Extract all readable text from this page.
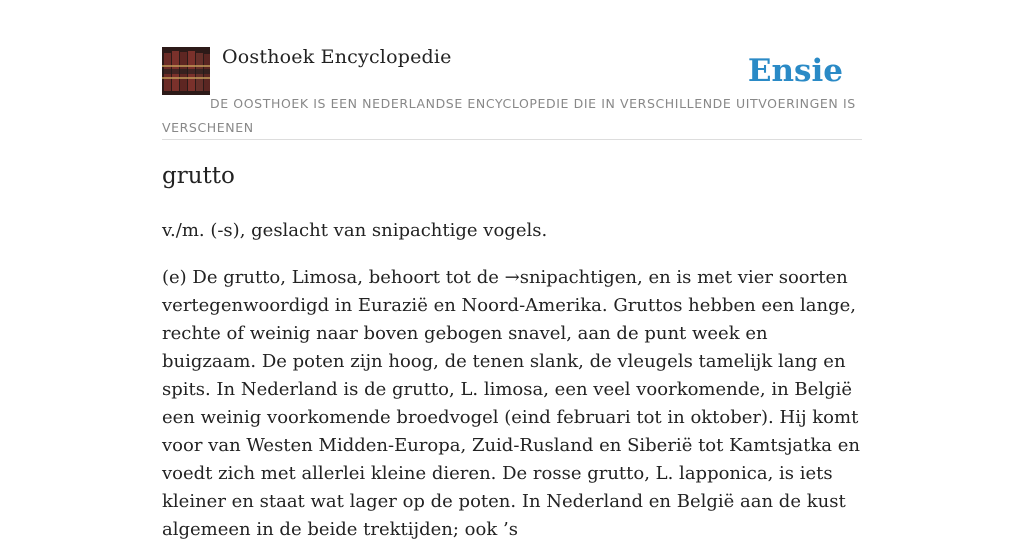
Oosthoek Encyclopedie	Ensie
DE OOSTHOEK IS EEN NEDERLANDSE ENCYCLOPEDIE DIE IN VERSCHILLENDE UITVOERINGEN IS VERSCHENEN
grutto

v./m. (-s), geslacht van snipachtige vogels.

(e) De grutto, Limosa, behoort tot de →snipachtigen, en is met vier soorten vertegenwoordigd in Eurazië en Noord-Amerika. Gruttos hebben een lange, rechte of weinig naar boven gebogen snavel, aan de punt week en buigzaam. De poten zijn hoog, de tenen slank, de vleugels tamelijk lang en spits. In Nederland is de grutto, L. limosa, een veel voorkomende, in België een weinig voorkomende broedvogel (eind februari tot in oktober). Hij komt voor van Westen Midden-Europa, Zuid-Rusland en Siberië tot Kamtsjatka en voedt zich met allerlei kleine dieren. De rosse grutto, L. lapponica, is iets kleiner en staat wat lager op de poten. In Nederland en België aan de kust algemeen in de beide trektijden; ook ’s
